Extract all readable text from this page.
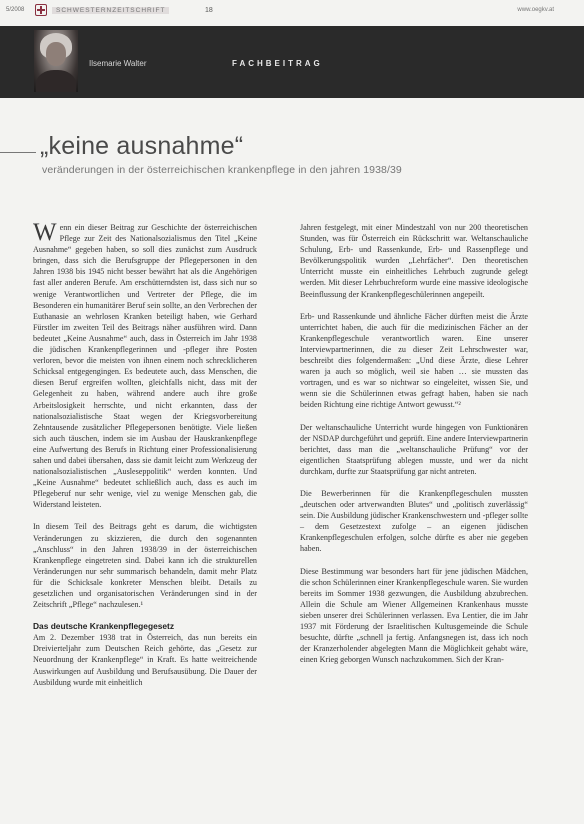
5/2008	SCHWESTERNZEITSCHRIFT	18	www.oegkv.at
Ilsemarie Walter	FACHBEITRAG
„keine ausnahme“
veränderungen in der österreichischen krankenpflege in den jahren 1938/39

Wenn ein dieser Beitrag zur Geschichte der österreichischen Pflege zur Zeit des Nationalsozialismus den Titel „Keine Ausnahme“ gegeben haben, so soll dies zunächst zum Ausdruck bringen, dass sich die Berufsgruppe der Pflegepersonen in den Jahren 1938 bis 1945 nicht besser bewährt hat als die Angehörigen fast aller anderen Berufe. Am erschütterndsten ist, dass sich nur so wenige Verantwortlichen und Vertreter der Pflege, die im Besonderen ein humanitärer Beruf sein sollte, an den Verbrechen der Euthanasie an wehrlosen Kranken beteiligt haben, wie Gerhard Fürstler im zweiten Teil des Beitrags näher ausführen wird. Dann bedeutet „Keine Ausnahme“ auch, dass in Österreich im Jahr 1938 die jüdischen Krankenpflegerinnen und -pfleger ihre Posten verloren, bevor die meisten von ihnen einem noch schrecklicheren Schicksal entgegengingen. Es bedeutete auch, dass Menschen, die diesen Beruf ergreifen wollten, gleichfalls nicht, dass mit der Gelegenheit zu haben, während andere auch ihre große Arbeitslosigkeit herrschte, und nicht erkannten, dass der nationalsozialistische Staat wegen der Kriegsvorbereitung Zehntausende zusätzlicher Pflegepersonen benötigte. Viele ließen sich auch täuschen, indem sie im Ausbau der Hauskrankenpflege eine Aufwertung des Berufs in Richtung einer Professionalisierung sahen und dabei übersahen, dass sie damit leicht zum Werkzeug der nationalsozialistischen „Ausleseppolitik“ werden konnten. Und „Keine Ausnahme“ bedeutet schließlich auch, dass es auch im Pflegeberuf nur sehr wenige, viel zu wenige Menschen gab, die Widerstand leisteten.

In diesem Teil des Beitrags geht es darum, die wichtigsten Veränderungen zu skizzieren, die durch den sogenannten „Anschluss“ in den Jahren 1938/39 in der österreichischen Krankenpflege eingetreten sind. Dabei kann ich die strukturellen Veränderungen nur sehr summarisch behandeln, damit mehr Platz für die Schicksale konkreter Menschen bleibt. Details zu gesetzlichen und organisatorischen Veränderungen sind in der Zeitschrift „Pflege“ nachzulesen.¹

Das deutsche Krankenpflegegesetz

Am 2. Dezember 1938 trat in Österreich, das nun bereits ein Dreivierteljahr zum Deutschen Reich gehörte, das „Gesetz zur Neuordnung der Krankenpflege“ in Kraft. Es hatte weitreichende Auswirkungen auf Ausbildung und Berufsausübung. Die Dauer der Ausbildung wurde mit einheitlich

Jahren festgelegt, mit einer Mindestzahl von nur 200 theoretischen Stunden, was für Österreich ein Rückschritt war. Weltanschauliche Schulung, Erb- und Rassenkunde, Erb- und Rassenpflege und Bevölkerungspolitik wurden „Lehrfächer“. Den theoretischen Unterricht musste ein einheitliches Lehrbuch zugrunde gelegt werden. Mit dieser Lehrbuchreform wurde eine massive ideologische Beeinflussung der Krankenpflegeschülerinnen angepeilt.

Erb- und Rassenkunde und ähnliche Fächer dürften meist die Ärzte unterrichtet haben, die auch für die medizinischen Fächer an der Krankenpflegeschule verantwortlich waren. Eine unserer Interviewpartnerinnen, die zu dieser Zeit Lehrschwester war, beschreibt dies folgendermaßen: „Und diese Ärzte, diese Lehrer waren ja auch so möglich, weil sie haben … sie mussten das vortragen, und es war so nichtwar so eingeleitet, wissen Sie, und wenn sie die Schülerinnen etwas gefragt haben, haben sie nach beiden Richtung eine richtige Antwort gewusst.“²

Der weltanschauliche Unterricht wurde hingegen von Funktionären der NSDAP durchgeführt und geprüft. Eine andere Interviewpartnerin berichtet, dass man die „weltanschauliche Prüfung“ vor der eigentlichen Staatsprüfung ablegen musste, und wer da nicht durchkam, durfte zur Staatsprüfung gar nicht antreten.

Die Bewerberinnen für die Krankenpflegeschulen mussten „deutschen oder artverwandten Blutes“ und „politisch zuverlässig“ sein. Die Ausbildung jüdischer Krankenschwestern und -pfleger sollte – dem Gesetzestext zufolge – an eigenen jüdischen Krankenpflegeschulen erfolgen, solche dürfte es aber nie gegeben haben.

Diese Bestimmung war besonders hart für jene jüdischen Mädchen, die schon Schülerinnen einer Krankenpflegeschule waren. Sie wurden bereits im Sommer 1938 gezwungen, die Ausbildung abzubrechen. Allein die Schule am Wiener Allgemeinen Krankenhaus musste sieben unserer drei Schülerinnen verlassen. Eva Lentier, die im Jahr 1937 mit Förderung der Israelitischen Kultusgemeinde die Schule besuchte, dürfte „schnell ja fertig. Anfangsnegen ist, dass ich noch der Kranzerholender abgelegten Mann die Möglichkeit gehabt wäre, einen Krieg geborgen Wunsch nachzukommen. Sich der Kran-
